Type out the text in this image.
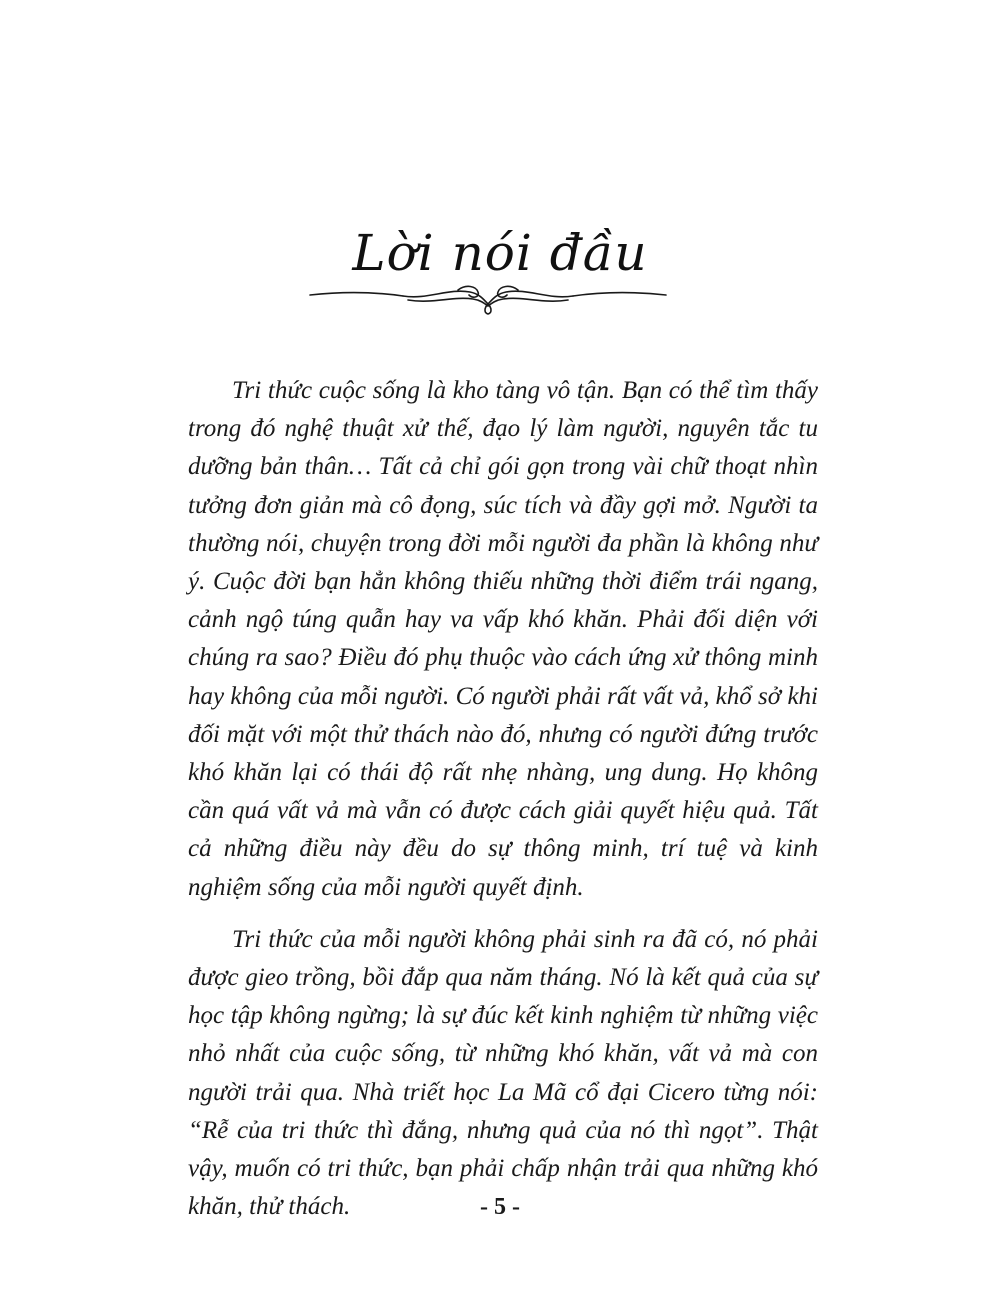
Lời nói đầu

Tri thức cuộc sống là kho tàng vô tận. Bạn có thể tìm thấy trong đó nghệ thuật xử thế, đạo lý làm người, nguyên tắc tu dưỡng bản thân… Tất cả chỉ gói gọn trong vài chữ thoạt nhìn tưởng đơn giản mà cô đọng, súc tích và đầy gợi mở. Người ta thường nói, chuyện trong đời mỗi người đa phần là không như ý. Cuộc đời bạn hẳn không thiếu những thời điểm trái ngang, cảnh ngộ túng quẫn hay va vấp khó khăn. Phải đối diện với chúng ra sao? Điều đó phụ thuộc vào cách ứng xử thông minh hay không của mỗi người. Có người phải rất vất vả, khổ sở khi đối mặt với một thử thách nào đó, nhưng có người đứng trước khó khăn lại có thái độ rất nhẹ nhàng, ung dung. Họ không cần quá vất vả mà vẫn có được cách giải quyết hiệu quả. Tất cả những điều này đều do sự thông minh, trí tuệ và kinh nghiệm sống của mỗi người quyết định.

Tri thức của mỗi người không phải sinh ra đã có, nó phải được gieo trồng, bồi đắp qua năm tháng. Nó là kết quả của sự học tập không ngừng; là sự đúc kết kinh nghiệm từ những việc nhỏ nhất của cuộc sống, từ những khó khăn, vất vả mà con người trải qua. Nhà triết học La Mã cổ đại Cicero từng nói: “Rễ của tri thức thì đắng, nhưng quả của nó thì ngọt”. Thật vậy, muốn có tri thức, bạn phải chấp nhận trải qua những khó khăn, thử thách.	- 5 -
